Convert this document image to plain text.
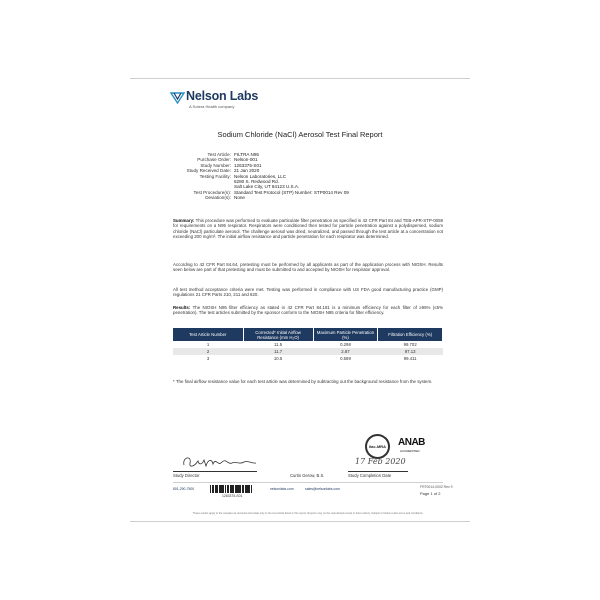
Nelson Labs
A Sotera Health company
Sodium Chloride (NaCl) Aerosol Test Final Report
Test Article: FILTRA N95
Purchase Order: Nelson-001
Study Number: 1263375-S01
Study Received Date: 21 Jan 2020
Testing Facility: Nelson Laboratories, LLC
6280 S. Redwood Rd.
Salt Lake City, UT 84123 U.S.A.
Test Procedure(s): Standard Test Protocol (STP) Number: STP0014 Rev 09
Deviation(s): None
Summary: This procedure was performed to evaluate particulate filter penetration as specified in 42 CFR Part 84 and TEB-APR-STP-0059 for requirements on a N95 respirator. Respirators were conditioned then tested for particle penetration against a polydispersed, sodium chloride (NaCl) particulate aerosol. The challenge aerosol was dried, neutralized, and passed through the test article at a concentration not exceeding 200 mg/m³. The initial airflow resistance and particle penetration for each respirator was determined.
According to 42 CFR Part 84.64, pretesting must be performed by all applicants as part of the application process with NIOSH. Results seen below are part of that pretesting and must be submitted to and accepted by NIOSH for respirator approval.
All test method acceptance criteria were met. Testing was performed in compliance with US FDA good manufacturing practice (GMP) regulations 21 CFR Parts 210, 211 and 820.
Results: The NIOSH N95 filter efficiency as stated in 42 CFR Part 84.181 is a minimum efficiency for each filter of ≥95% (≤5% penetration). The test articles submitted by the sponsor conform to the NIOSH N95 criteria for filter efficiency.
Test Article Number	Corrected* Initial Airflow Resistance (mm H₂O)	Maximum Particle Penetration (%)	Filtration Efficiency (%)
1	11.5	0.298	99.702
2	11.7	2.87	97.13
3	10.5	0.589	99.411
* The final airflow resistance value for each test article was determined by subtracting out the background resistance from the system.
ilac-MRA ANAB
ACCREDITED
Study Director	Curtis Gerow, B.S.
17 Feb 2020
Study Completion Date
801-290-7500
1263375-S01
nelsonlabs.com	sales@nelsonlabs.com	FRT0014-0002 Rev 9
Page 1 of 2
These results apply to the samples as received and relate only to the test article listed in this report. Reports may not be reproduced except in their entirety. Subject to Nelson Labs terms and conditions.
